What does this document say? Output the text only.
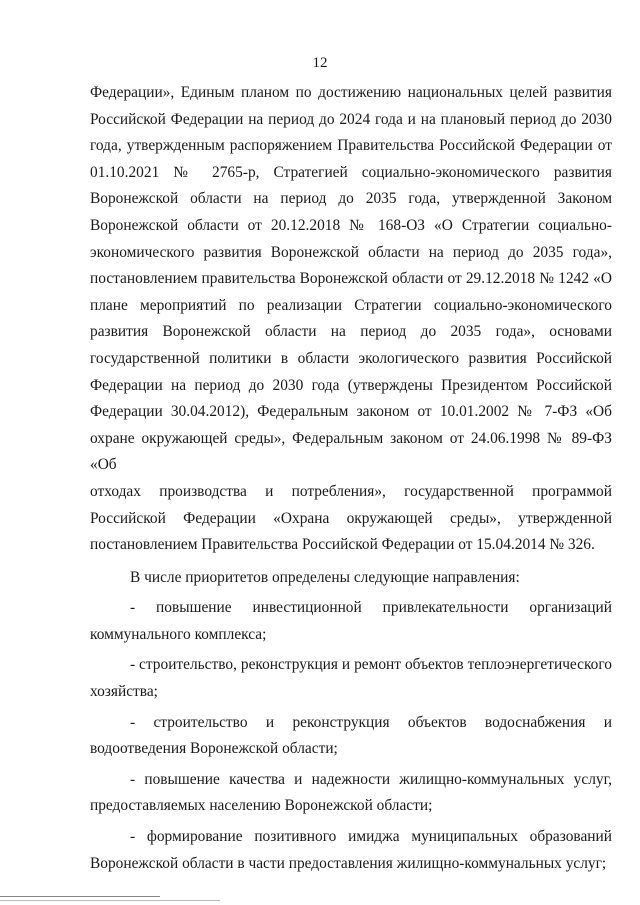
12
Федерации», Единым планом по достижению национальных целей развития
Российской Федерации на период до 2024 года и на плановый период до 2030
года, утвержденным распоряжением Правительства Российской Федерации от
01.10.2021 № 2765-р, Стратегией социально-экономического развития
Воронежской области на период до 2035 года, утвержденной Законом
Воронежской области от 20.12.2018 № 168-ОЗ «О Стратегии социально-
экономического развития Воронежской области на период до 2035 года»,
постановлением правительства Воронежской области от 29.12.2018 № 1242 «О
плане мероприятий по реализации Стратегии социально-экономического
развития Воронежской области на период до 2035 года», основами
государственной политики в области экологического развития Российской
Федерации на период до 2030 года (утверждены Президентом Российской
Федерации 30.04.2012), Федеральным законом от 10.01.2002 № 7-ФЗ «Об
охране окружающей среды», Федеральным законом от 24.06.1998 № 89-ФЗ «Об
отходах производства и потребления», государственной программой
Российской Федерации «Охрана окружающей среды», утвержденной
постановлением Правительства Российской Федерации от 15.04.2014 № 326.
В числе приоритетов определены следующие направления:
- повышение инвестиционной привлекательности организаций
коммунального комплекса;
- строительство, реконструкция и ремонт объектов теплоэнергетического
хозяйства;
- строительство и реконструкция объектов водоснабжения и
водоотведения Воронежской области;
- повышение качества и надежности жилищно-коммунальных услуг,
предоставляемых населению Воронежской области;
- формирование позитивного имиджа муниципальных образований
Воронежской области в части предоставления жилищно-коммунальных услуг;
